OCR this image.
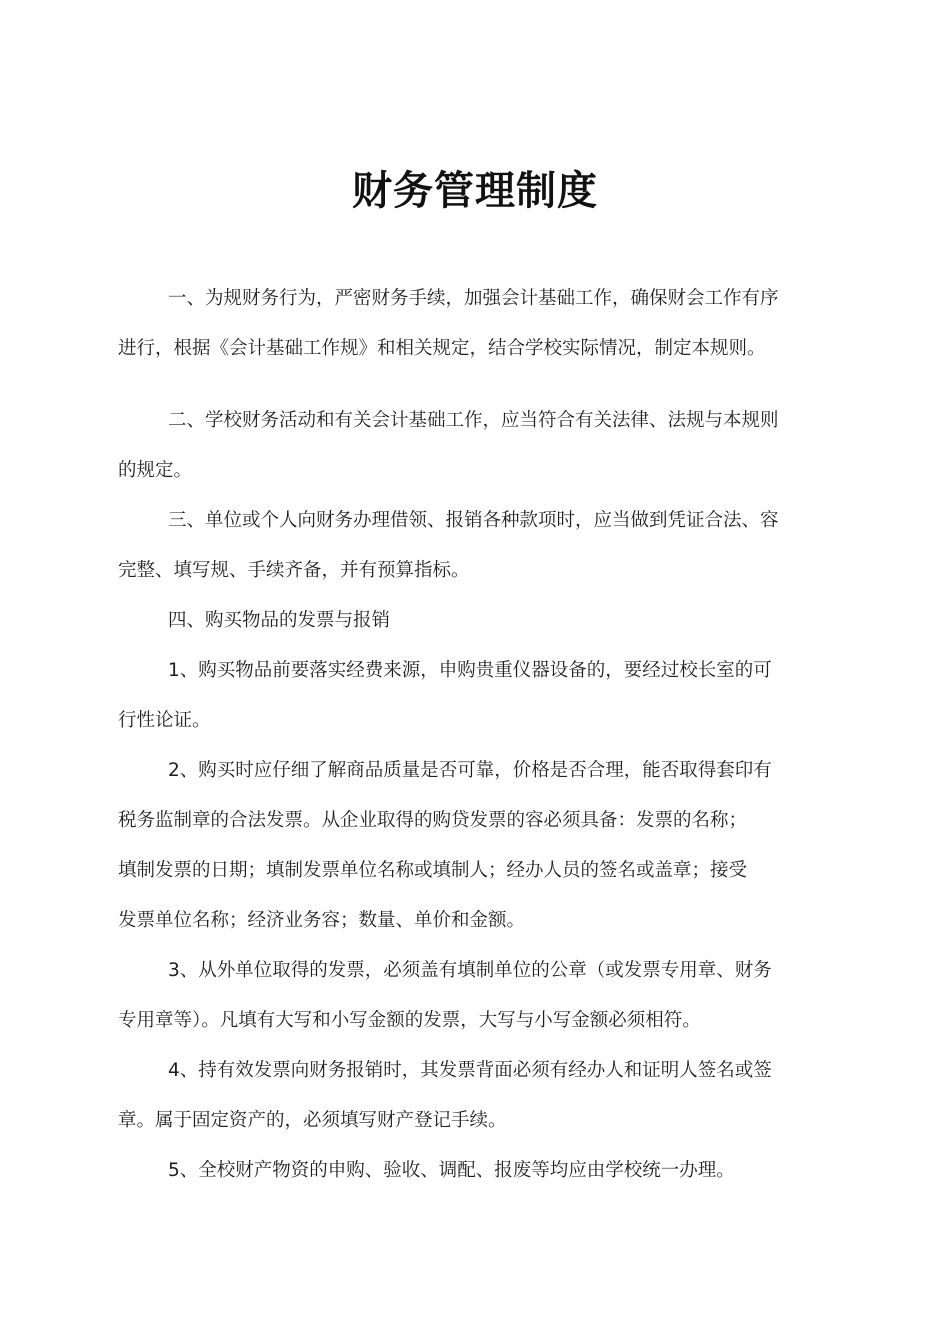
财务管理制度

一、为规财务行为，严密财务手续，加强会计基础工作，确保财会工作有序
进行，根据《会计基础工作规》和相关规定，结合学校实际情况，制定本规则。

二、学校财务活动和有关会计基础工作，应当符合有关法律、法规与本规则
的规定。

三、单位或个人向财务办理借领、报销各种款项时，应当做到凭证合法、容
完整、填写规、手续齐备，并有预算指标。

四、购买物品的发票与报销

1、购买物品前要落实经费来源，申购贵重仪器设备的，要经过校长室的可
行性论证。

2、购买时应仔细了解商品质量是否可靠，价格是否合理，能否取得套印有
税务监制章的合法发票。从企业取得的购贷发票的容必须具备：发票的名称；
填制发票的日期；填制发票单位名称或填制人；经办人员的签名或盖章；接受
发票单位名称；经济业务容；数量、单价和金额。

3、从外单位取得的发票，必须盖有填制单位的公章（或发票专用章、财务
专用章等）。凡填有大写和小写金额的发票，大写与小写金额必须相符。

4、持有效发票向财务报销时，其发票背面必须有经办人和证明人签名或签
章。属于固定资产的，必须填写财产登记手续。

5、全校财产物资的申购、验收、调配、报废等均应由学校统一办理。
